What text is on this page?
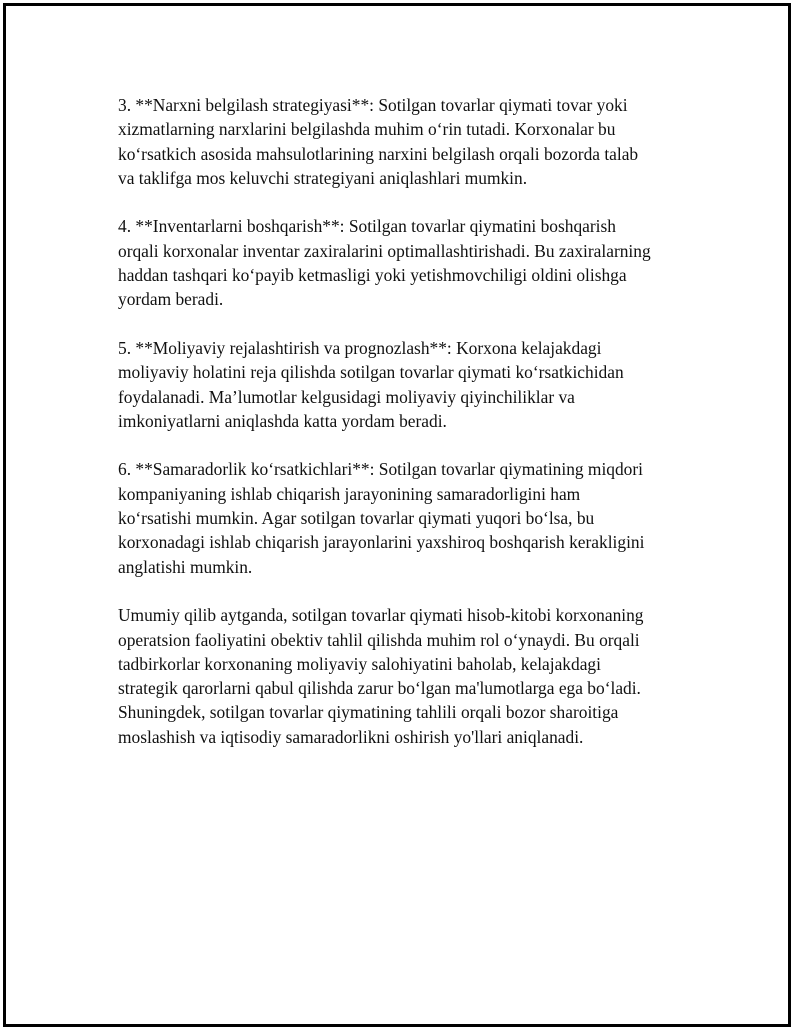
3. **Narxni belgilash strategiyasi**: Sotilgan tovarlar qiymati tovar yoki
xizmatlarning narxlarini belgilashda muhim o‘rin tutadi. Korxonalar bu
ko‘rsatkich asosida mahsulotlarining narxini belgilash orqali bozorda talab
va taklifga mos keluvchi strategiyani aniqlashlari mumkin.

4. **Inventarlarni boshqarish**: Sotilgan tovarlar qiymatini boshqarish
orqali korxonalar inventar zaxiralarini optimallashtirishadi. Bu zaxiralarning
haddan tashqari ko‘payib ketmasligi yoki yetishmovchiligi oldini olishga
yordam beradi.

5. **Moliyaviy rejalashtirish va prognozlash**: Korxona kelajakdagi
moliyaviy holatini reja qilishda sotilgan tovarlar qiymati ko‘rsatkichidan
foydalanadi. Ma’lumotlar kelgusidagi moliyaviy qiyinchiliklar va
imkoniyatlarni aniqlashda katta yordam beradi.

6. **Samaradorlik ko‘rsatkichlari**: Sotilgan tovarlar qiymatining miqdori
kompaniyaning ishlab chiqarish jarayonining samaradorligini ham
ko‘rsatishi mumkin. Agar sotilgan tovarlar qiymati yuqori bo‘lsa, bu
korxonadagi ishlab chiqarish jarayonlarini yaxshiroq boshqarish kerakligini
anglatishi mumkin.

Umumiy qilib aytganda, sotilgan tovarlar qiymati hisob-kitobi korxonaning
operatsion faoliyatini obektiv tahlil qilishda muhim rol o‘ynaydi. Bu orqali
tadbirkorlar korxonaning moliyaviy salohiyatini baholab, kelajakdagi
strategik qarorlarni qabul qilishda zarur bo‘lgan ma'lumotlarga ega bo‘ladi.
Shuningdek, sotilgan tovarlar qiymatining tahlili orqali bozor sharoitiga
moslashish va iqtisodiy samaradorlikni oshirish yo'llari aniqlanadi.
